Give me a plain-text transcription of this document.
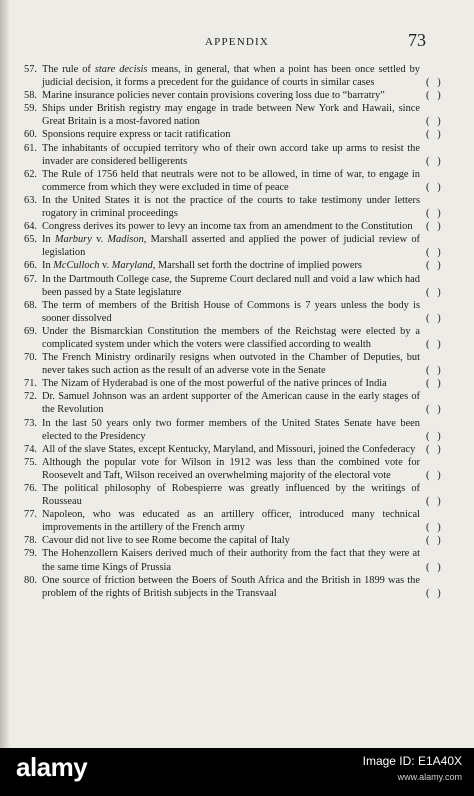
APPENDIX	73
57. The rule of stare decisis means, in general, that when a point has been once settled by judicial decision, it forms a precedent for the guidance of courts in similar cases	(   )
58. Marine insurance policies never contain provisions covering loss due to “barratry”	(   )
59. Ships under British registry may engage in trade between New York and Hawaii, since Great Britain is a most-favored nation	(   )
60. Sponsions require express or tacit ratification	(   )
61. The inhabitants of occupied territory who of their own accord take up arms to resist the invader are considered belligerents	(   )
62. The Rule of 1756 held that neutrals were not to be allowed, in time of war, to engage in commerce from which they were excluded in time of peace	(   )
63. In the United States it is not the practice of the courts to take testimony under letters rogatory in criminal proceedings	(   )
64. Congress derives its power to levy an income tax from an amendment to the Constitution (   )
65. In Marbury v. Madison, Marshall asserted and applied the power of judicial review of legislation	(   )
66. In McCulloch v. Maryland, Marshall set forth the doctrine of implied powers	(   )
67. In the Dartmouth College case, the Supreme Court declared null and void a law which had been passed by a State legislature	(   )
68. The term of members of the British House of Commons is 7 years unless the body is sooner dissolved	(   )
69. Under the Bismarckian Constitution the members of the Reichstag were elected by a complicated system under which the voters were classified according to wealth	(   )
70. The French Ministry ordinarily resigns when outvoted in the Chamber of Deputies, but never takes such action as the result of an adverse vote in the Senate	(   )
71. The Nizam of Hyderabad is one of the most powerful of the native princes of India	(   )
72. Dr. Samuel Johnson was an ardent supporter of the American cause in the early stages of the Revolution	(   )
73. In the last 50 years only two former members of the United States Senate have been elected to the Presidency	(   )
74. All of the slave States, except Kentucky, Maryland, and Missouri, joined the Confederacy (   )
75. Although the popular vote for Wilson in 1912 was less than the combined vote for Roosevelt and Taft, Wilson received an overwhelming majority of the electoral vote	(   )
76. The political philosophy of Robespierre was greatly influenced by the writings of Rousseau	(   )
77. Napoleon, who was educated as an artillery officer, introduced many technical improvements in the artillery of the French army	(   )
78. Cavour did not live to see Rome become the capital of Italy	(   )
79. The Hohenzollern Kaisers derived much of their authority from the fact that they were at the same time Kings of Prussia	(   )
80. One source of friction between the Boers of South Africa and the British in 1899 was the problem of the rights of British subjects in the Transvaal	(   )
alamy	Image ID: E1A40X
www.alamy.com
